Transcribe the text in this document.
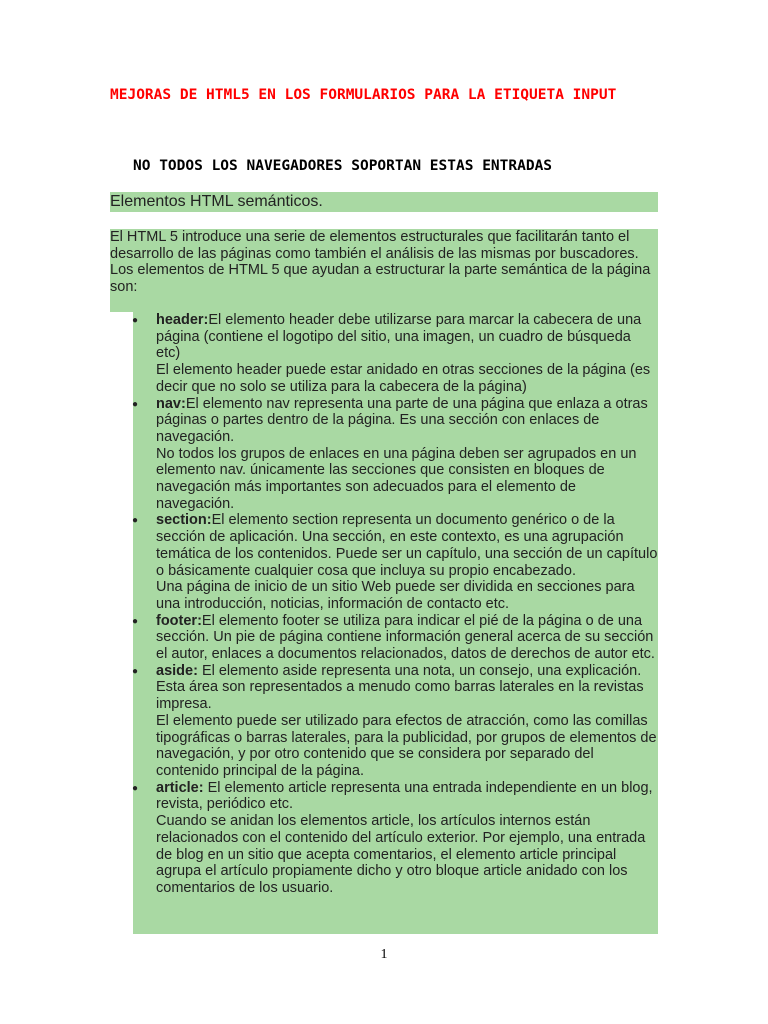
MEJORAS DE HTML5 EN LOS FORMULARIOS PARA LA ETIQUETA INPUT
NO TODOS LOS NAVEGADORES SOPORTAN ESTAS ENTRADAS
Elementos HTML semánticos.

El HTML 5 introduce una serie de elementos estructurales que facilitarán tanto el desarrollo de las páginas como también el análisis de las mismas por buscadores.

Los elementos de HTML 5 que ayudan a estructurar la parte semántica de la página son:

● header:El elemento header debe utilizarse para marcar la cabecera de una página (contiene el logotipo del sitio, una imagen, un cuadro de búsqueda etc)

El elemento header puede estar anidado en otras secciones de la página (es decir que no solo se utiliza para la cabecera de la página)

● nav:El elemento nav representa una parte de una página que enlaza a otras páginas o partes dentro de la página. Es una sección con enlaces de navegación.

No todos los grupos de enlaces en una página deben ser agrupados en un elemento nav. únicamente las secciones que consisten en bloques de navegación más importantes son adecuados para el elemento de navegación.

● section:El elemento section representa un documento genérico o de la sección de aplicación. Una sección, en este contexto, es una agrupación temática de los contenidos. Puede ser un capítulo, una sección de un capítulo o básicamente cualquier cosa que incluya su propio encabezado.

Una página de inicio de un sitio Web puede ser dividida en secciones para una introducción, noticias, información de contacto etc.

● footer:El elemento footer se utiliza para indicar el pié de la página o de una sección. Un pie de página contiene información general acerca de su sección el autor, enlaces a documentos relacionados, datos de derechos de autor etc.

● aside: El elemento aside representa una nota, un consejo, una explicación. Esta área son representados a menudo como barras laterales en la revistas impresa.

El elemento puede ser utilizado para efectos de atracción, como las comillas tipográficas o barras laterales, para la publicidad, por grupos de elementos de navegación, y por otro contenido que se considera por separado del contenido principal de la página.

● article: El elemento article representa una entrada independiente en un blog, revista, periódico etc.

Cuando se anidan los elementos article, los artículos internos están relacionados con el contenido del artículo exterior. Por ejemplo, una entrada de blog en un sitio que acepta comentarios, el elemento article principal agrupa el artículo propiamente dicho y otro bloque article anidado con los comentarios de los usuario.

1
